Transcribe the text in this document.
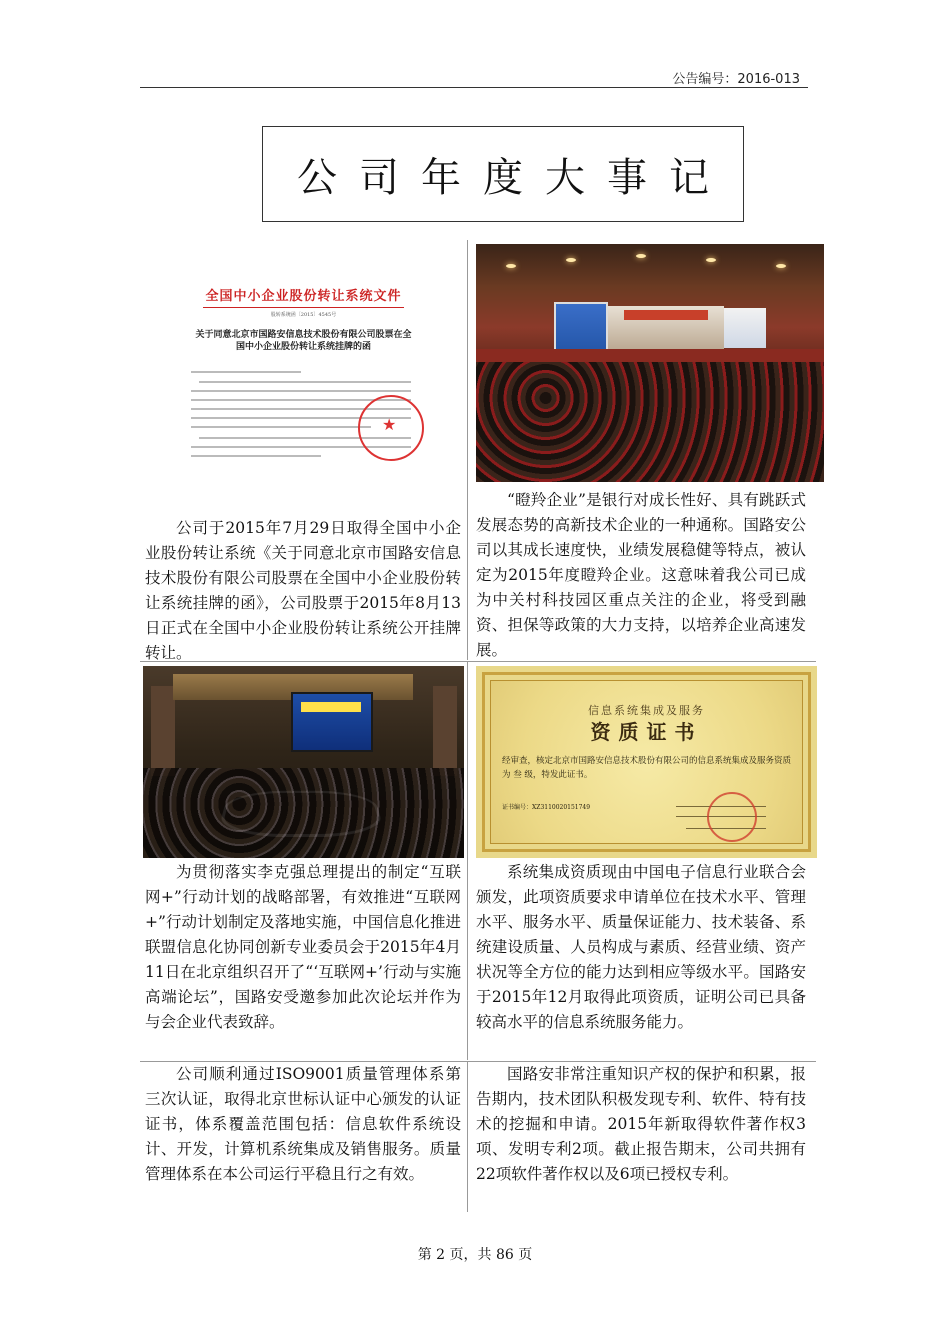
公告编号：2016-013
公司年度大事记
全国中小企业股份转让系统文件
股转系统函〔2015〕4545号
关于同意北京市国路安信息技术股份有限公司股票在全国中小企业股份转让系统挂牌的函
★
公司于2015年7月29日取得全国中小企业股份转让系统《关于同意北京市国路安信息技术股份有限公司股票在全国中小企业股份转让系统挂牌的函》，公司股票于2015年8月13日正式在全国中小企业股份转让系统公开挂牌转让。
“瞪羚企业”是银行对成长性好、具有跳跃式发展态势的高新技术企业的一种通称。国路安公司以其成长速度快，业绩发展稳健等特点，被认定为2015年度瞪羚企业。这意味着我公司已成为中关村科技园区重点关注的企业，将受到融资、担保等政策的大力支持，以培养企业高速发展。
为贯彻落实李克强总理提出的制定“互联网+”行动计划的战略部署，有效推进“互联网+”行动计划制定及落地实施，中国信息化推进联盟信息化协同创新专业委员会于2015年4月11日在北京组织召开了“‘互联网+’行动与实施高端论坛”，国路安受邀参加此次论坛并作为与会企业代表致辞。
信息系统集成及服务
资质证书
经审查，核定北京市国路安信息技术股份有限公司的信息系统集成及服务资质为 叁 级，特发此证书。
证书编号：XZ3110020151749
系统集成资质现由中国电子信息行业联合会颁发，此项资质要求申请单位在技术水平、管理水平、服务水平、质量保证能力、技术装备、系统建设质量、人员构成与素质、经营业绩、资产状况等全方位的能力达到相应等级水平。国路安于2015年12月取得此项资质，证明公司已具备较高水平的信息系统服务能力。
公司顺利通过ISO9001质量管理体系第三次认证，取得北京世标认证中心颁发的认证证书，体系覆盖范围包括：信息软件系统设计、开发，计算机系统集成及销售服务。质量管理体系在本公司运行平稳且行之有效。
国路安非常注重知识产权的保护和积累，报告期内，技术团队积极发现专利、软件、特有技术的挖掘和申请。2015年新取得软件著作权3项、发明专利2项。截止报告期末，公司共拥有22项软件著作权以及6项已授权专利。
第 2 页，共 86 页
